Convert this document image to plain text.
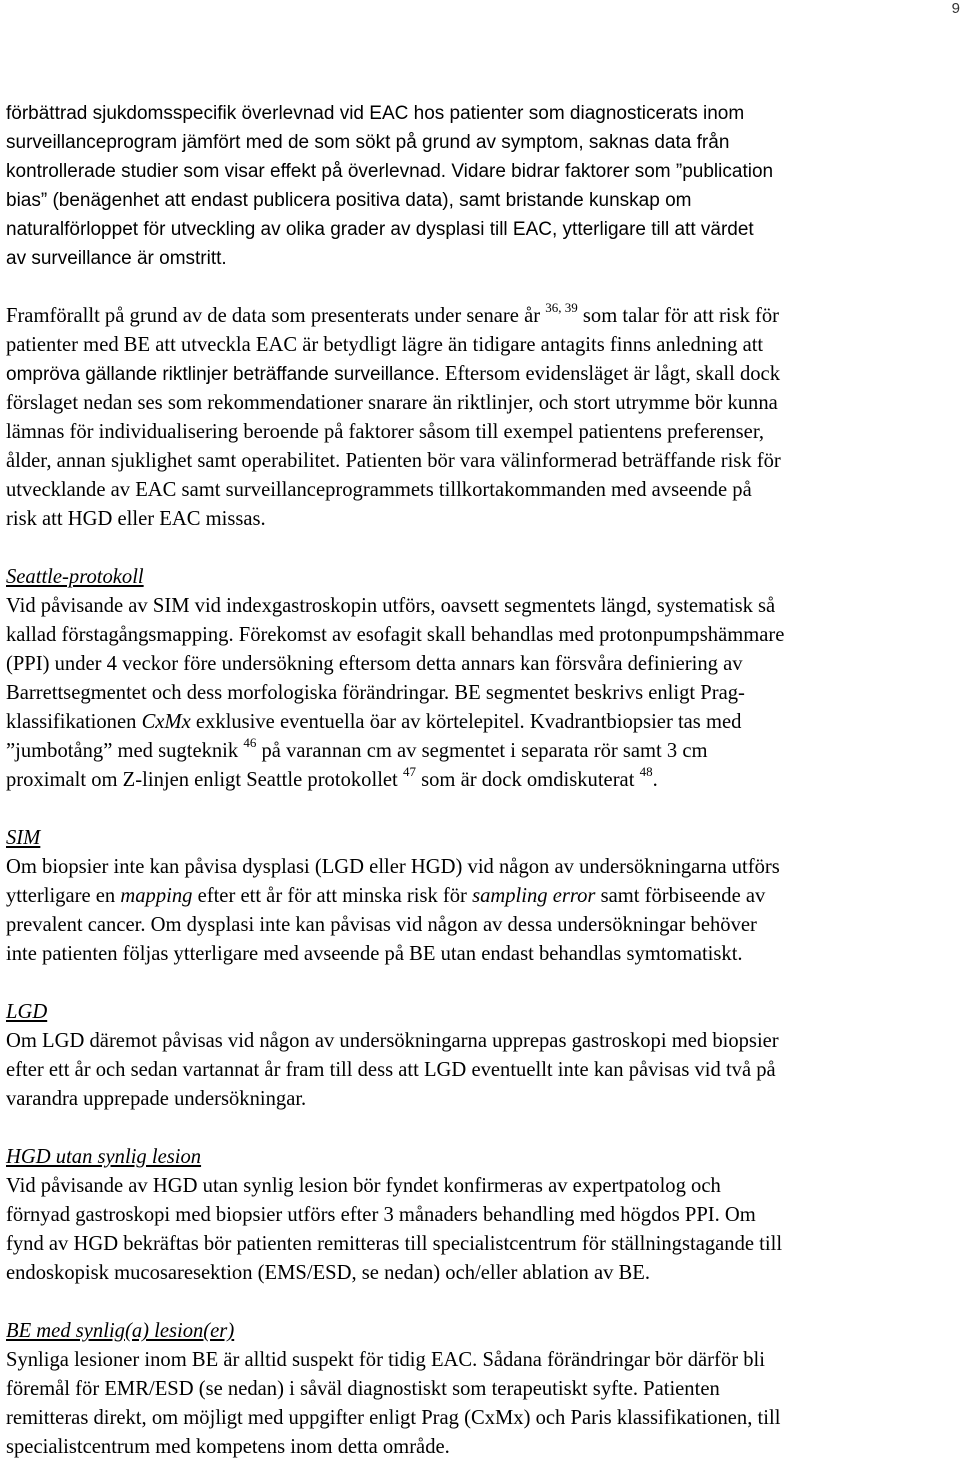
9
förbättrad sjukdomsspecifik överlevnad vid EAC hos patienter som diagnosticerats inom
surveillanceprogram jämfört med de som sökt på grund av symptom, saknas data från
kontrollerade studier som visar effekt på överlevnad. Vidare bidrar faktorer som ”publication
bias” (benägenhet att endast publicera positiva data), samt bristande kunskap om
naturalförloppet för utveckling av olika grader av dysplasi till EAC, ytterligare till att värdet
av surveillance är omstritt.
Framförallt på grund av de data som presenterats under senare år $^{36, 39}$ som talar för att risk för
patienter med BE att utveckla EAC är betydligt lägre än tidigare antagits finns anledning att
ompröva gällande riktlinjer beträffande surveillance. Eftersom evidensläget är lågt, skall dock
förslaget nedan ses som rekommendationer snarare än riktlinjer, och stort utrymme bör kunna
lämnas för individualisering beroende på faktorer såsom till exempel patientens preferenser,
ålder, annan sjuklighet samt operabilitet. Patienten bör vara välinformerad beträffande risk för
utvecklande av EAC samt surveillanceprogrammets tillkortakommanden med avseende på
risk att HGD eller EAC missas.
Seattle-protokoll
Vid påvisande av SIM vid indexgastroskopin utförs, oavsett segmentets längd, systematisk så
kallad förstagångsmapping. Förekomst av esofagit skall behandlas med protonpumpshämmare
(PPI) under 4 veckor före undersökning eftersom detta annars kan försvåra definiering av
Barrettsegmentet och dess morfologiska förändringar. BE segmentet beskrivs enligt Prag-
klassifikationen CxMx exklusive eventuella öar av körtelepitel. Kvadrantbiopsier tas med
”jumbotång” med sugteknik $^{46}$ på varannan cm av segmentet i separata rör samt 3 cm
proximalt om Z-linjen enligt Seattle protokollet $^{47}$ som är dock omdiskuterat $^{48}$.
SIM
Om biopsier inte kan påvisa dysplasi (LGD eller HGD) vid någon av undersökningarna utförs
ytterligare en mapping efter ett år för att minska risk för sampling error samt förbiseende av
prevalent cancer. Om dysplasi inte kan påvisas vid någon av dessa undersökningar behöver
inte patienten följas ytterligare med avseende på BE utan endast behandlas symtomatiskt.
LGD
Om LGD däremot påvisas vid någon av undersökningarna upprepas gastroskopi med biopsier
efter ett år och sedan vartannat år fram till dess att LGD eventuellt inte kan påvisas vid två på
varandra upprepade undersökningar.
HGD utan synlig lesion
Vid påvisande av HGD utan synlig lesion bör fyndet konfirmeras av expertpatolog och
förnyad gastroskopi med biopsier utförs efter 3 månaders behandling med högdos PPI. Om
fynd av HGD bekräftas bör patienten remitteras till specialistcentrum för ställningstagande till
endoskopisk mucosaresektion (EMS/ESD, se nedan) och/eller ablation av BE.
BE med synlig(a) lesion(er)
Synliga lesioner inom BE är alltid suspekt för tidig EAC. Sådana förändringar bör därför bli
föremål för EMR/ESD (se nedan) i såväl diagnostiskt som terapeutiskt syfte. Patienten
remitteras direkt, om möjligt med uppgifter enligt Prag (CxMx) och Paris klassifikationen, till
specialistcentrum med kompetens inom detta område.
